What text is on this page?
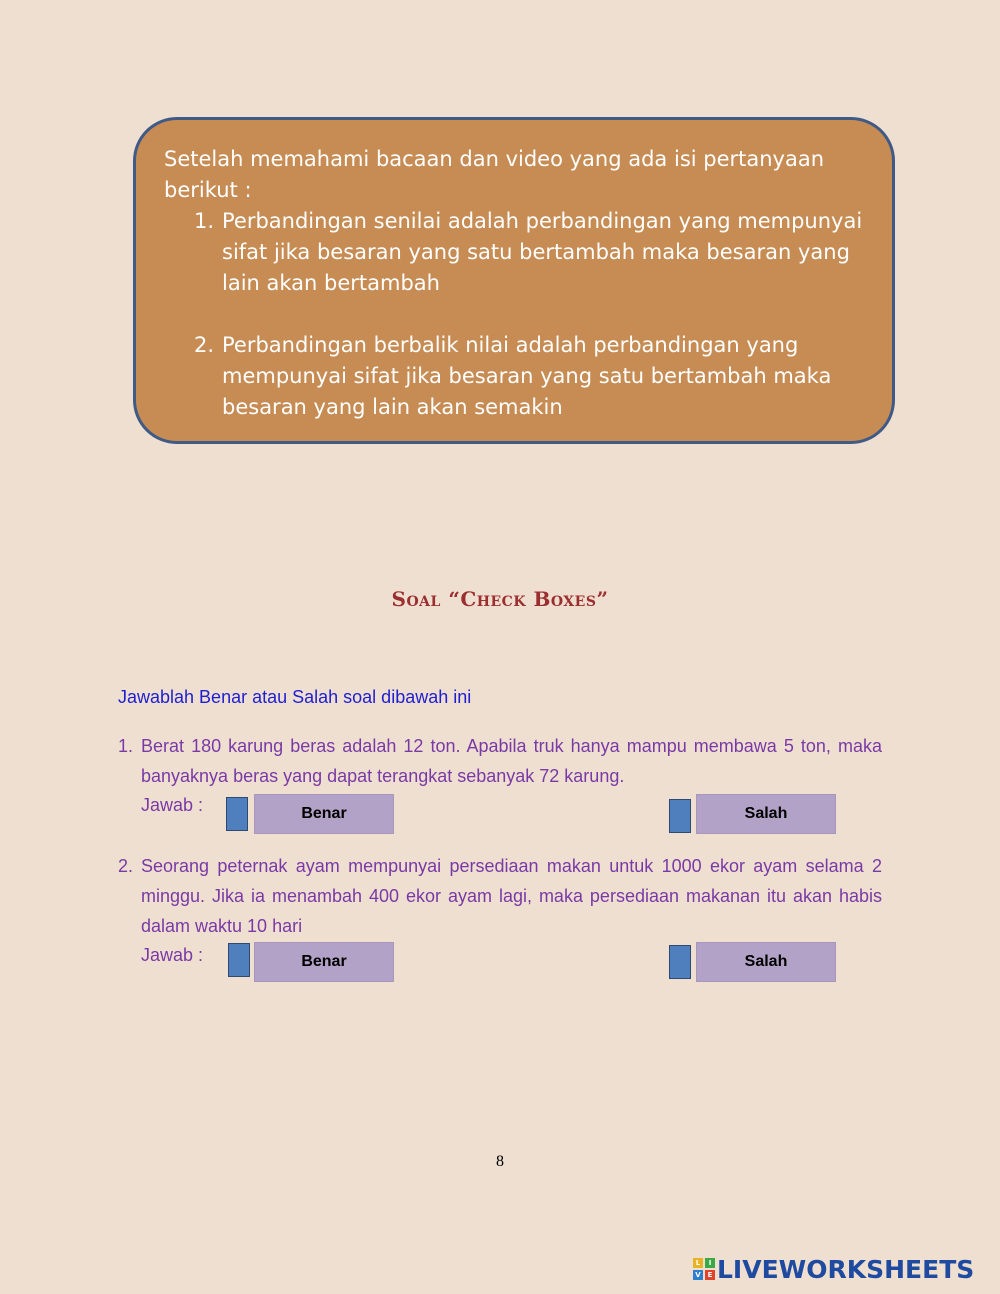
Setelah memahami bacaan dan video yang ada isi pertanyaan berikut :

1. Perbandingan senilai adalah perbandingan yang mempunyai sifat jika besaran yang satu bertambah maka besaran yang lain akan bertambah
2. Perbandingan berbalik nilai adalah perbandingan yang mempunyai sifat jika besaran yang satu bertambah maka besaran yang lain akan semakin
Soal “Check Boxes”
Jawablah Benar atau Salah soal dibawah ini
1. Berat 180 karung beras adalah 12 ton. Apabila truk hanya mampu membawa 5 ton, maka banyaknya beras yang dapat terangkat sebanyak 72 karung.
Jawab :	Benar	Salah
2. Seorang peternak ayam mempunyai persediaan makan untuk 1000 ekor ayam selama 2 minggu. Jika ia menambah 400 ekor ayam lagi, maka persediaan makanan itu akan habis dalam waktu 10 hari
Jawab :	Benar	Salah
8
L	I
V E LIVEWORKSHEETS
